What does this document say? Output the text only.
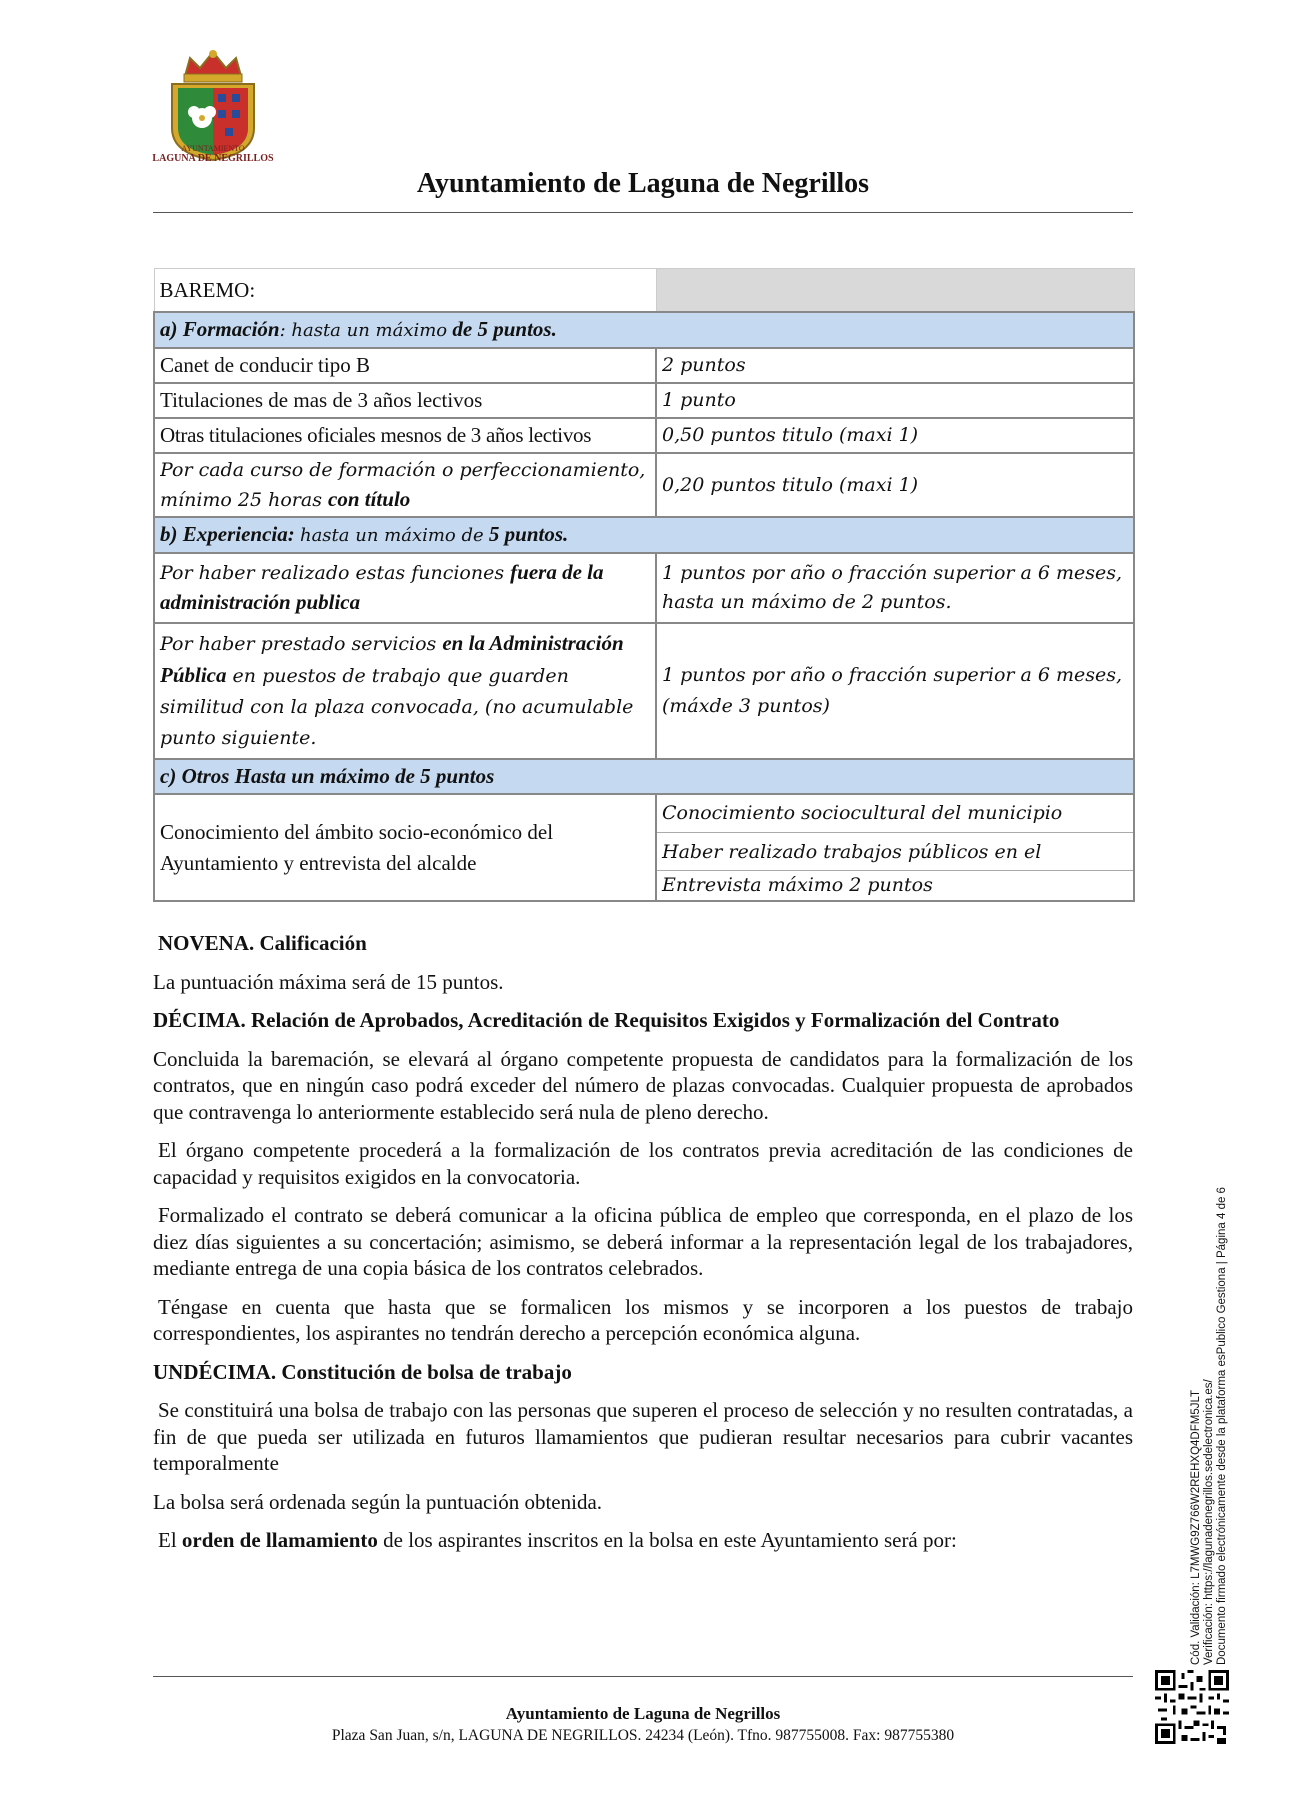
AYUNTAMIENTO
LAGUNA DE NEGRILLOS
Ayuntamiento de Laguna de Negrillos
BAREMO:	
a) Formación: hasta un máximo de 5 puntos.	
Canet de conducir tipo B	2 puntos
Titulaciones de mas de 3 años lectivos	1 punto
Otras titulaciones oficiales mesnos de 3 años lectivos	0,50 puntos titulo (maxi 1)

Por cada curso de formación o perfeccionamiento, mínimo 25 horas con título	0,20 puntos titulo (maxi 1)
b) Experiencia: hasta un máximo de 5 puntos.	
Por haber realizado estas funciones fuera de la administración publica	1 puntos por año o fracción superior a 6 meses, hasta un máximo de 2 puntos.
Por haber prestado servicios en la Administración Pública en puestos de trabajo que guarden similitud con la plaza convocada, (no acumulable punto siguiente.	1 puntos por año o fracción superior a 6 meses, (máxde 3 puntos)
c) Otros Hasta un máximo de 5 puntos	
Conocimiento del ámbito socio-económico del Ayuntamiento y entrevista del alcalde	Conocimiento sociocultural del municipio
Haber realizado trabajos públicos en el
Entrevista máximo 2 puntos

NOVENA. Calificación

La puntuación máxima será de 15 puntos.

DÉCIMA. Relación de Aprobados, Acreditación de Requisitos Exigidos y Formalización del Contrato

Concluida la baremación, se elevará al órgano competente propuesta de candidatos para la formalización de los contratos, que en ningún caso podrá exceder del número de plazas convocadas. Cualquier propuesta de aprobados que contravenga lo anteriormente establecido será nula de pleno derecho.

El órgano competente procederá a la formalización de los contratos previa acreditación de las condiciones de capacidad y requisitos exigidos en la convocatoria.

Formalizado el contrato se deberá comunicar a la oficina pública de empleo que corresponda, en el plazo de los diez días siguientes a su concertación; asimismo, se deberá informar a la representación legal de los trabajadores, mediante entrega de una copia básica de los contratos celebrados.

Téngase en cuenta que hasta que se formalicen los mismos y se incorporen a los puestos de trabajo correspondientes, los aspirantes no tendrán derecho a percepción económica alguna.

UNDÉCIMA. Constitución de bolsa de trabajo

Se constituirá una bolsa de trabajo con las personas que superen el proceso de selección y no resulten contratadas, a fin de que pueda ser utilizada en futuros llamamientos que pudieran resultar necesarios para cubrir vacantes temporalmente

La bolsa será ordenada según la puntuación obtenida.

El orden de llamamiento de los aspirantes inscritos en la bolsa en este Ayuntamiento será por:	Cód. Validación: L7MWG9Z766W2REHXQ4DFM5JLT Verificación: https://lagunadenegrillos.sedelectronica.es/ Documento firmado electrónicamente desde la plataforma esPublico Gestiona | Página 4 de 6
Ayuntamiento de Laguna de Negrillos
Plaza San Juan, s/n, LAGUNA DE NEGRILLOS. 24234 (León). Tfno. 987755008. Fax: 987755380
